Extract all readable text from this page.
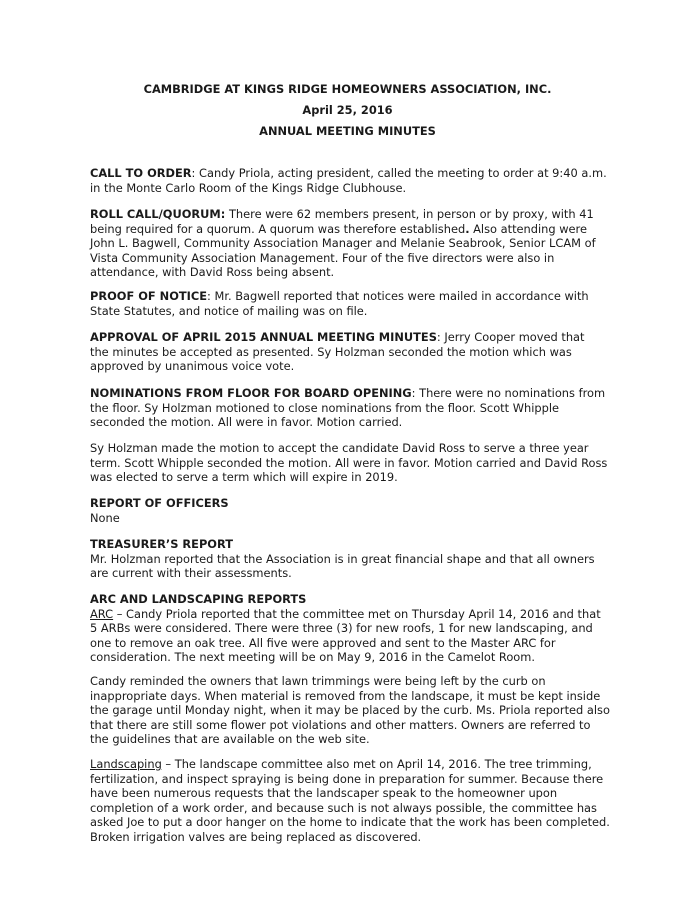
CAMBRIDGE AT KINGS RIDGE HOMEOWNERS ASSOCIATION, INC.
April 25, 2016
ANNUAL MEETING MINUTES
CALL TO ORDER: Candy Priola, acting president, called the meeting to order at 9:40 a.m.
in the Monte Carlo Room of the Kings Ridge Clubhouse.
ROLL CALL/QUORUM: There were 62 members present, in person or by proxy, with 41
being required for a quorum. A quorum was therefore established. Also attending were
John L. Bagwell, Community Association Manager and Melanie Seabrook, Senior LCAM of
Vista Community Association Management. Four of the five directors were also in
attendance, with David Ross being absent.
PROOF OF NOTICE: Mr. Bagwell reported that notices were mailed in accordance with
State Statutes, and notice of mailing was on file.
APPROVAL OF APRIL 2015 ANNUAL MEETING MINUTES: Jerry Cooper moved that
the minutes be accepted as presented. Sy Holzman seconded the motion which was
approved by unanimous voice vote.
NOMINATIONS FROM FLOOR FOR BOARD OPENING: There were no nominations from
the floor. Sy Holzman motioned to close nominations from the floor. Scott Whipple
seconded the motion. All were in favor. Motion carried.
Sy Holzman made the motion to accept the candidate David Ross to serve a three year
term. Scott Whipple seconded the motion. All were in favor. Motion carried and David Ross
was elected to serve a term which will expire in 2019.
REPORT OF OFFICERS
None
TREASURER’S REPORT
Mr. Holzman reported that the Association is in great financial shape and that all owners
are current with their assessments.
ARC AND LANDSCAPING REPORTS
ARC – Candy Priola reported that the committee met on Thursday April 14, 2016 and that
5 ARBs were considered. There were three (3) for new roofs, 1 for new landscaping, and
one to remove an oak tree. All five were approved and sent to the Master ARC for
consideration. The next meeting will be on May 9, 2016 in the Camelot Room.
Candy reminded the owners that lawn trimmings were being left by the curb on
inappropriate days. When material is removed from the landscape, it must be kept inside
the garage until Monday night, when it may be placed by the curb. Ms. Priola reported also
that there are still some flower pot violations and other matters. Owners are referred to
the guidelines that are available on the web site.
Landscaping – The landscape committee also met on April 14, 2016. The tree trimming,
fertilization, and inspect spraying is being done in preparation for summer. Because there
have been numerous requests that the landscaper speak to the homeowner upon
completion of a work order, and because such is not always possible, the committee has
asked Joe to put a door hanger on the home to indicate that the work has been completed.
Broken irrigation valves are being replaced as discovered.
